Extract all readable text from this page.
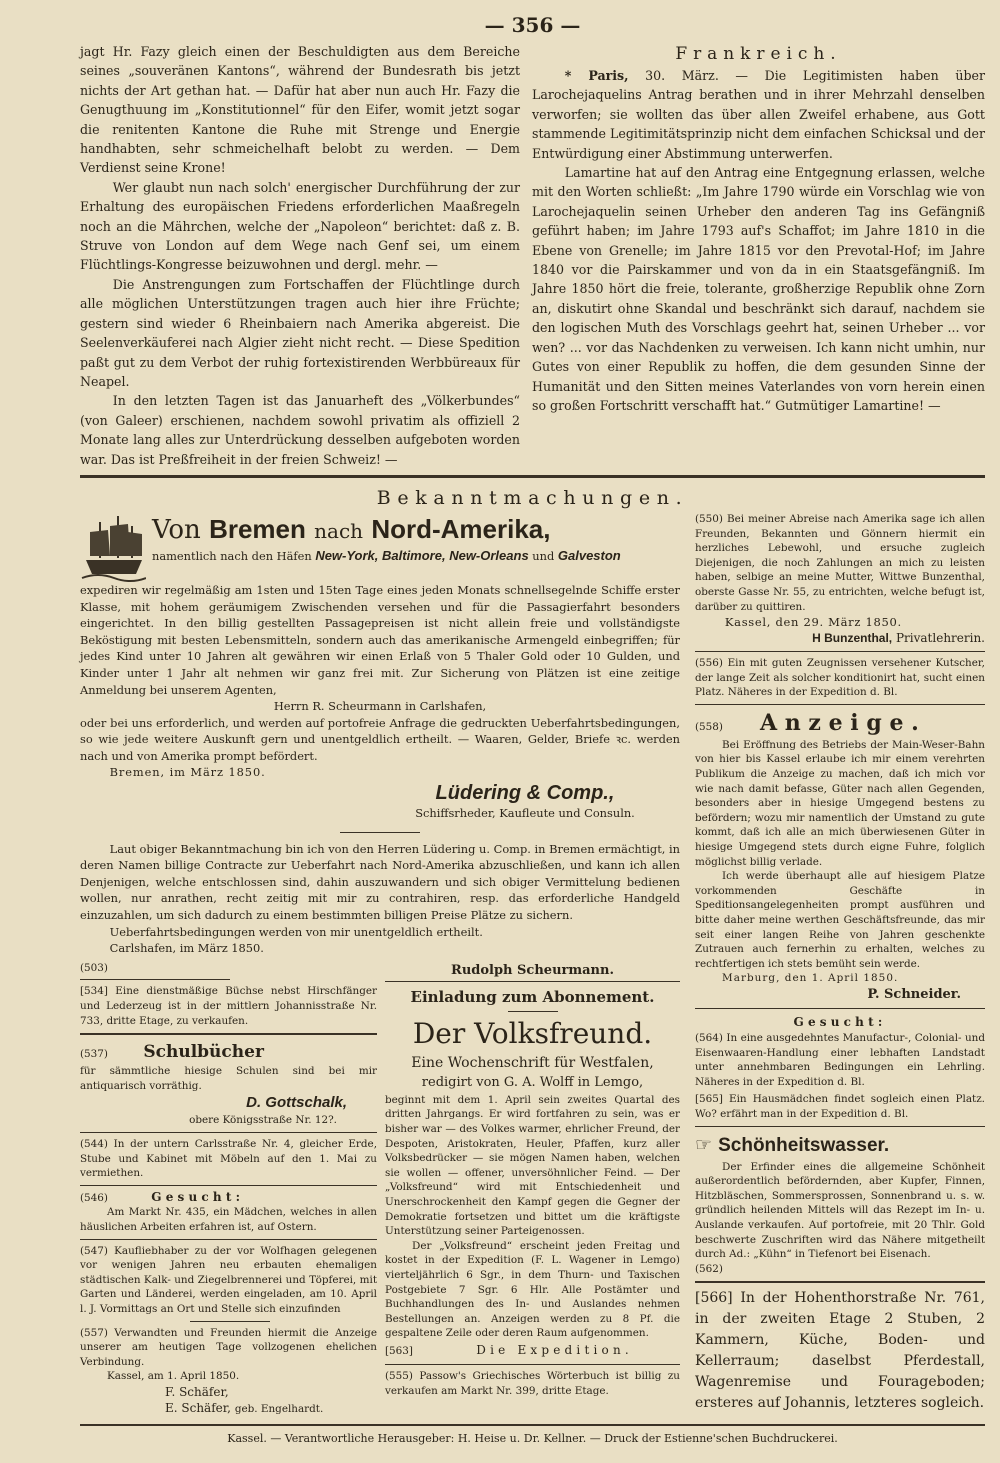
— 356 —

jagt Hr. Fazy gleich einen der Beschuldigten aus dem Bereiche seines „souveränen Kantons“, während der Bundesrath bis jetzt nichts der Art gethan hat. — Dafür hat aber nun auch Hr. Fazy die Genugthuung im „Konstitutionnel“ für den Eifer, womit jetzt sogar die renitenten Kantone die Ruhe mit Strenge und Energie handhabten, sehr schmeichelhaft belobt zu werden. — Dem Verdienst seine Krone!

Wer glaubt nun nach solch' energischer Durchführung der zur Erhaltung des europäischen Friedens erforderlichen Maaßregeln noch an die Mährchen, welche der „Napoleon“ berichtet: daß z. B. Struve von London auf dem Wege nach Genf sei, um einem Flüchtlings-Kongresse beizuwohnen und dergl. mehr. —

Die Anstrengungen zum Fortschaffen der Flüchtlinge durch alle möglichen Unterstützungen tragen auch hier ihre Früchte; gestern sind wieder 6 Rheinbaiern nach Amerika abgereist. Die Seelenverkäuferei nach Algier zieht nicht recht. — Diese Spedition paßt gut zu dem Verbot der ruhig fortexistirenden Werbbüreaux für Neapel.

In den letzten Tagen ist das Januarheft des „Völkerbundes“ (von Galeer) erschienen, nachdem sowohl privatim als offiziell 2 Monate lang alles zur Unterdrückung desselben aufgeboten worden war. Das ist Preßfreiheit in der freien Schweiz! —

Frankreich.

* Paris, 30. März. — Die Legitimisten haben über Larochejaquelins Antrag berathen und in ihrer Mehrzahl denselben verworfen; sie wollten das über allen Zweifel erhabene, aus Gott stammende Legitimitätsprinzip nicht dem einfachen Schicksal und der Entwürdigung einer Abstimmung unterwerfen.

Lamartine hat auf den Antrag eine Entgegnung erlassen, welche mit den Worten schließt: „Im Jahre 1790 würde ein Vorschlag wie von Larochejaquelin seinen Urheber den anderen Tag ins Gefängniß geführt haben; im Jahre 1793 auf's Schaffot; im Jahre 1810 in die Ebene von Grenelle; im Jahre 1815 vor den Prevotal-Hof; im Jahre 1840 vor die Pairskammer und von da in ein Staatsgefängniß. Im Jahre 1850 hört die freie, tolerante, großherzige Republik ohne Zorn an, diskutirt ohne Skandal und beschränkt sich darauf, nachdem sie den logischen Muth des Vorschlags geehrt hat, seinen Urheber ... vor wen? ... vor das Nachdenken zu verweisen. Ich kann nicht umhin, nur Gutes von einer Republik zu hoffen, die dem gesunden Sinne der Humanität und den Sitten meines Vaterlandes von vorn herein einen so großen Fortschritt verschafft hat.“ Gutmütiger Lamartine! —

Bekanntmachungen.

Von Bremen nach Nord-Amerika,

namentlich nach den Häfen New-York, Baltimore, New-Orleans und Galveston

expediren wir regelmäßig am 1sten und 15ten Tage eines jeden Monats schnellsegelnde Schiffe erster Klasse, mit hohem geräumigem Zwischenden versehen und für die Passagierfahrt besonders eingerichtet. In den billig gestellten Passagepreisen ist nicht allein freie und vollständigste Beköstigung mit besten Lebensmitteln, sondern auch das amerikanische Armengeld einbegriffen; für jedes Kind unter 10 Jahren alt gewähren wir einen Erlaß von 5 Thaler Gold oder 10 Gulden, und Kinder unter 1 Jahr alt nehmen wir ganz frei mit. Zur Sicherung von Plätzen ist eine zeitige Anmeldung bei unserem Agenten,

Herrn R. Scheurmann in Carlshafen,

oder bei uns erforderlich, und werden auf portofreie Anfrage die gedruckten Ueberfahrtsbedingungen, so wie jede weitere Auskunft gern und unentgeldlich ertheilt. — Waaren, Gelder, Briefe ꝛc. werden nach und von Amerika prompt befördert.

Bremen, im März 1850.

Lüdering & Comp.,

Schiffsrheder, Kaufleute und Consuln.

Laut obiger Bekanntmachung bin ich von den Herren Lüdering u. Comp. in Bremen ermächtigt, in deren Namen billige Contracte zur Ueberfahrt nach Nord-Amerika abzuschließen, und kann ich allen Denjenigen, welche entschlossen sind, dahin auszuwandern und sich obiger Vermittelung bedienen wollen, nur anrathen, recht zeitig mit mir zu contrahiren, resp. das erforderliche Handgeld einzuzahlen, um sich dadurch zu einem bestimmten billigen Preise Plätze zu sichern.

Ueberfahrtsbedingungen werden von mir unentgeldlich ertheilt.

Carlshafen, im März 1850.

(503)

[534] Eine dienstmäßige Büchse nebst Hirschfänger und Lederzeug ist in der mittlern Johannisstraße Nr. 733, dritte Etage, zu verkaufen.

(537) Schulbücher

für sämmtliche hiesige Schulen sind bei mir antiquarisch vorräthig.

D. Gottschalk,

obere Königsstraße Nr. 12?.

(544) In der untern Carlsstraße Nr. 4, gleicher Erde, Stube und Kabinet mit Möbeln auf den 1. Mai zu vermiethen.

(546)	Gesucht:

Am Markt Nr. 435, ein Mädchen, welches in allen häuslichen Arbeiten erfahren ist, auf Ostern.

(547) Kaufliebhaber zu der vor Wolfhagen gelegenen vor wenigen Jahren neu erbauten ehemaligen städtischen Kalk- und Ziegelbrennerei und Töpferei, mit Garten und Länderei, werden eingeladen, am 10. April l. J. Vormittags an Ort und Stelle sich einzufinden

(557) Verwandten und Freunden hiermit die Anzeige unserer am heutigen Tage vollzogenen ehelichen Verbindung.

Kassel, am 1. April 1850.

F. Schäfer,

E. Schäfer, geb. Engelhardt.

Rudolph Scheurmann.

Einladung zum Abonnement.

Der Volksfreund.

Eine Wochenschrift für Westfalen,

redigirt von G. A. Wolff in Lemgo,

beginnt mit dem 1. April sein zweites Quartal des dritten Jahrgangs. Er wird fortfahren zu sein, was er bisher war — des Volkes warmer, ehrlicher Freund, der Despoten, Aristokraten, Heuler, Pfaffen, kurz aller Volksbedrücker — sie mögen Namen haben, welchen sie wollen — offener, unversöhnlicher Feind. — Der „Volksfreund“ wird mit Entschiedenheit und Unerschrockenheit den Kampf gegen die Gegner der Demokratie fortsetzen und bittet um die kräftigste Unterstützung seiner Parteigenossen.

Der „Volksfreund“ erscheint jeden Freitag und kostet in der Expedition (F. L. Wagener in Lemgo) vierteljährlich 6 Sgr., in dem Thurn- und Taxischen Postgebiete 7 Sgr. 6 Hlr. Alle Postämter und Buchhandlungen des In- und Auslandes nehmen Bestellungen an. Anzeigen werden zu 8 Pf. die gespaltene Zeile oder deren Raum aufgenommen.

[563]	Die Expedition.

(555) Passow's Griechisches Wörterbuch ist billig zu verkaufen am Markt Nr. 399, dritte Etage.

(550) Bei meiner Abreise nach Amerika sage ich allen Freunden, Bekannten und Gönnern hiermit ein herzliches Lebewohl, und ersuche zugleich Diejenigen, die noch Zahlungen an mich zu leisten haben, selbige an meine Mutter, Wittwe Bunzenthal, oberste Gasse Nr. 55, zu entrichten, welche befugt ist, darüber zu quittiren.

Kassel, den 29. März 1850.

H Bunzenthal, Privatlehrerin.

(556) Ein mit guten Zeugnissen versehener Kutscher, der lange Zeit als solcher konditionirt hat, sucht einen Platz. Näheres in der Expedition d. Bl.

(558) Anzeige.

Bei Eröffnung des Betriebs der Main-Weser-Bahn von hier bis Kassel erlaube ich mir einem verehrten Publikum die Anzeige zu machen, daß ich mich vor wie nach damit befasse, Güter nach allen Gegenden, besonders aber in hiesige Umgegend bestens zu befördern; wozu mir namentlich der Umstand zu gute kommt, daß ich alle an mich überwiesenen Güter in hiesige Umgegend stets durch eigne Fuhre, folglich möglichst billig verlade.

Ich werde überhaupt alle auf hiesigem Platze vorkommenden Geschäfte in Speditionsangelegenheiten prompt ausführen und bitte daher meine werthen Geschäftsfreunde, das mir seit einer langen Reihe von Jahren geschenkte Zutrauen auch fernerhin zu erhalten, welches zu rechtfertigen ich stets bemüht sein werde.

Marburg, den 1. April 1850.

P. Schneider.

Gesucht:

(564) In eine ausgedehntes Manufactur-, Colonial- und Eisenwaaren-Handlung einer lebhaften Landstadt unter annehmbaren Bedingungen ein Lehrling. Näheres in der Expedition d. Bl.

[565] Ein Hausmädchen findet sogleich einen Platz. Wo? erfährt man in der Expedition d. Bl.

☞ Schönheitswasser.

Der Erfinder eines die allgemeine Schönheit außerordentlich befördernden, aber Kupfer, Finnen, Hitzbläschen, Sommersprossen, Sonnenbrand u. s. w. gründlich heilenden Mittels will das Rezept im In- u. Auslande verkaufen. Auf portofreie, mit 20 Thlr. Gold beschwerte Zuschriften wird das Nähere mitgetheilt durch Ad.: „Kühn“ in Tiefenort bei Eisenach.

(562)

[566] In der Hohenthorstraße Nr. 761, in der zweiten Etage 2 Stuben, 2 Kammern, Küche, Boden- und Kellerraum; daselbst Pferdestall, Wagenremise und Fourageboden; ersteres auf Johannis, letzteres sogleich.

Kassel. — Verantwortliche Herausgeber: H. Heise u. Dr. Kellner. — Druck der Estienne'schen Buchdruckerei.
